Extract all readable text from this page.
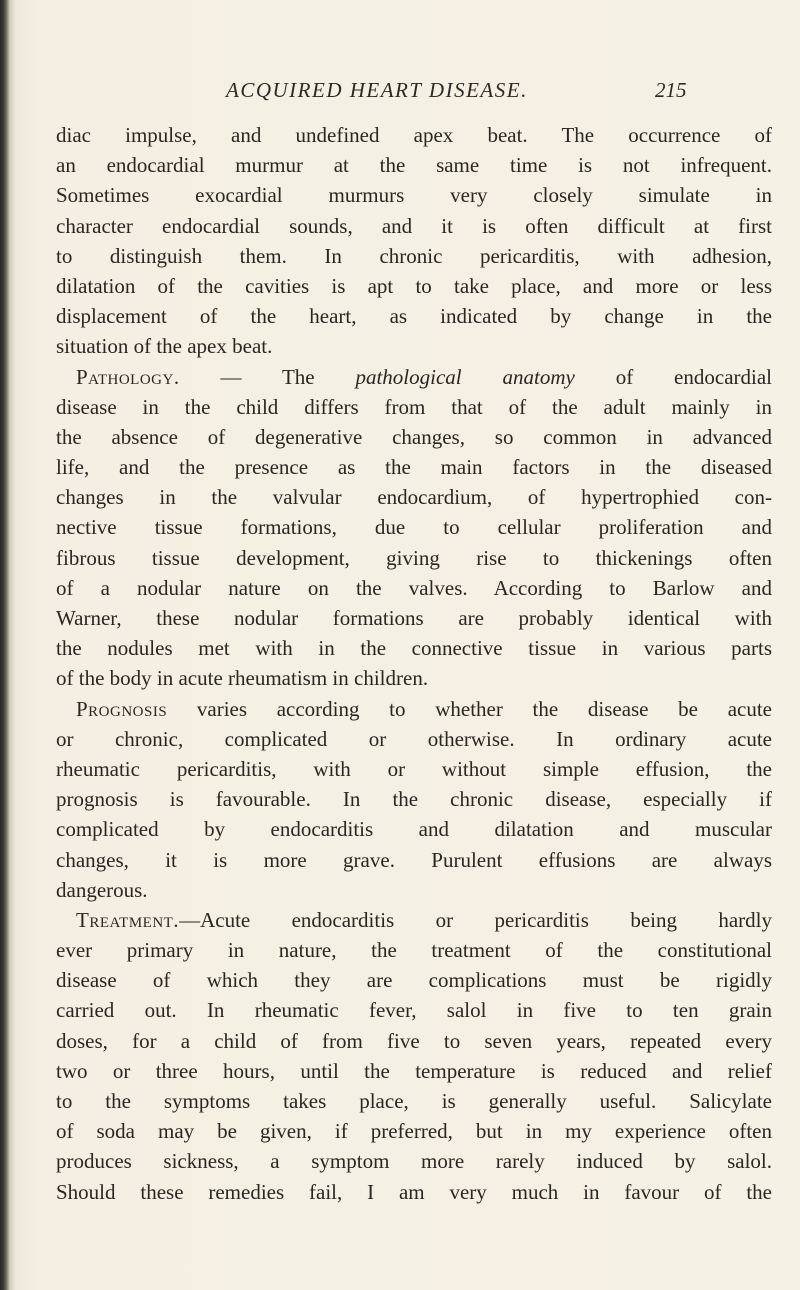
ACQUIRED HEART DISEASE.	215
diac impulse, and undefined apex beat. The occurrence of
an endocardial murmur at the same time is not infrequent.
Sometimes exocardial murmurs very closely simulate in
character endocardial sounds, and it is often difficult at first
to distinguish them. In chronic pericarditis, with adhesion,
dilatation of the cavities is apt to take place, and more or less
displacement of the heart, as indicated by change in the
situation of the apex beat.
Pathology. — The pathological anatomy of endocardial
disease in the child differs from that of the adult mainly in
the absence of degenerative changes, so common in advanced
life, and the presence as the main factors in the diseased
changes in the valvular endocardium, of hypertrophied con-
nective tissue formations, due to cellular proliferation and
fibrous tissue development, giving rise to thickenings often
of a nodular nature on the valves. According to Barlow and
Warner, these nodular formations are probably identical with
the nodules met with in the connective tissue in various parts
of the body in acute rheumatism in children.
Prognosis varies according to whether the disease be acute
or chronic, complicated or otherwise. In ordinary acute
rheumatic pericarditis, with or without simple effusion, the
prognosis is favourable. In the chronic disease, especially if
complicated by endocarditis and dilatation and muscular
changes, it is more grave. Purulent effusions are always
dangerous.
Treatment.—Acute endocarditis or pericarditis being hardly
ever primary in nature, the treatment of the constitutional
disease of which they are complications must be rigidly
carried out. In rheumatic fever, salol in five to ten grain
doses, for a child of from five to seven years, repeated every
two or three hours, until the temperature is reduced and relief
to the symptoms takes place, is generally useful. Salicylate
of soda may be given, if preferred, but in my experience often
produces sickness, a symptom more rarely induced by salol.
Should these remedies fail, I am very much in favour of the
